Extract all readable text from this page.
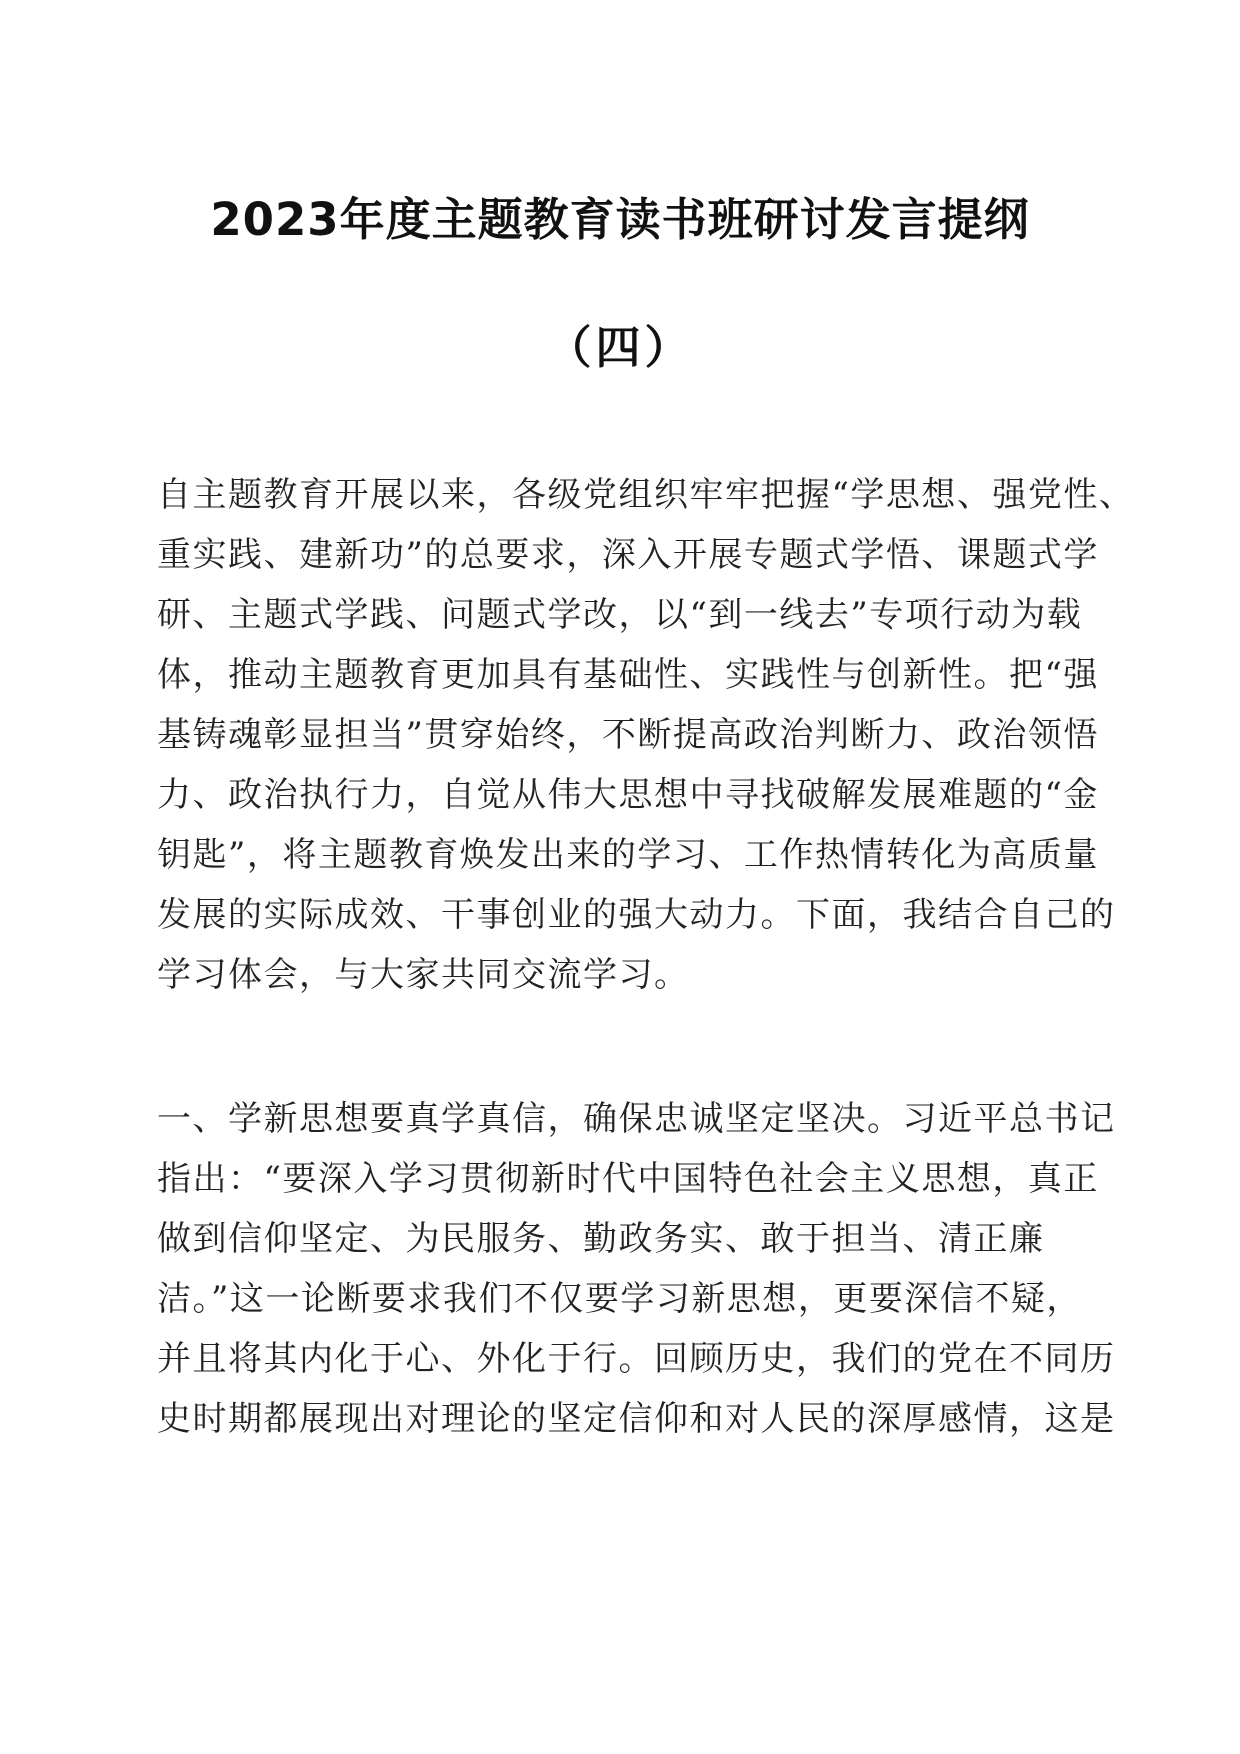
2023年度主题教育读书班研讨发言提纲
（四）
自主题教育开展以来，各级党组织牢牢把握“学思想、强党性、
重实践、建新功”的总要求，深入开展专题式学悟、课题式学
研、主题式学践、问题式学改，以“到一线去”专项行动为载
体，推动主题教育更加具有基础性、实践性与创新性。把“强
基铸魂彰显担当”贯穿始终，不断提高政治判断力、政治领悟
力、政治执行力，自觉从伟大思想中寻找破解发展难题的“金
钥匙”，将主题教育焕发出来的学习、工作热情转化为高质量
发展的实际成效、干事创业的强大动力。下面，我结合自己的
学习体会，与大家共同交流学习。
一、学新思想要真学真信，确保忠诚坚定坚决。习近平总书记
指出：“要深入学习贯彻新时代中国特色社会主义思想，真正
做到信仰坚定、为民服务、勤政务实、敢于担当、清正廉
洁。”这一论断要求我们不仅要学习新思想，更要深信不疑，
并且将其内化于心、外化于行。回顾历史，我们的党在不同历
史时期都展现出对理论的坚定信仰和对人民的深厚感情，这是
